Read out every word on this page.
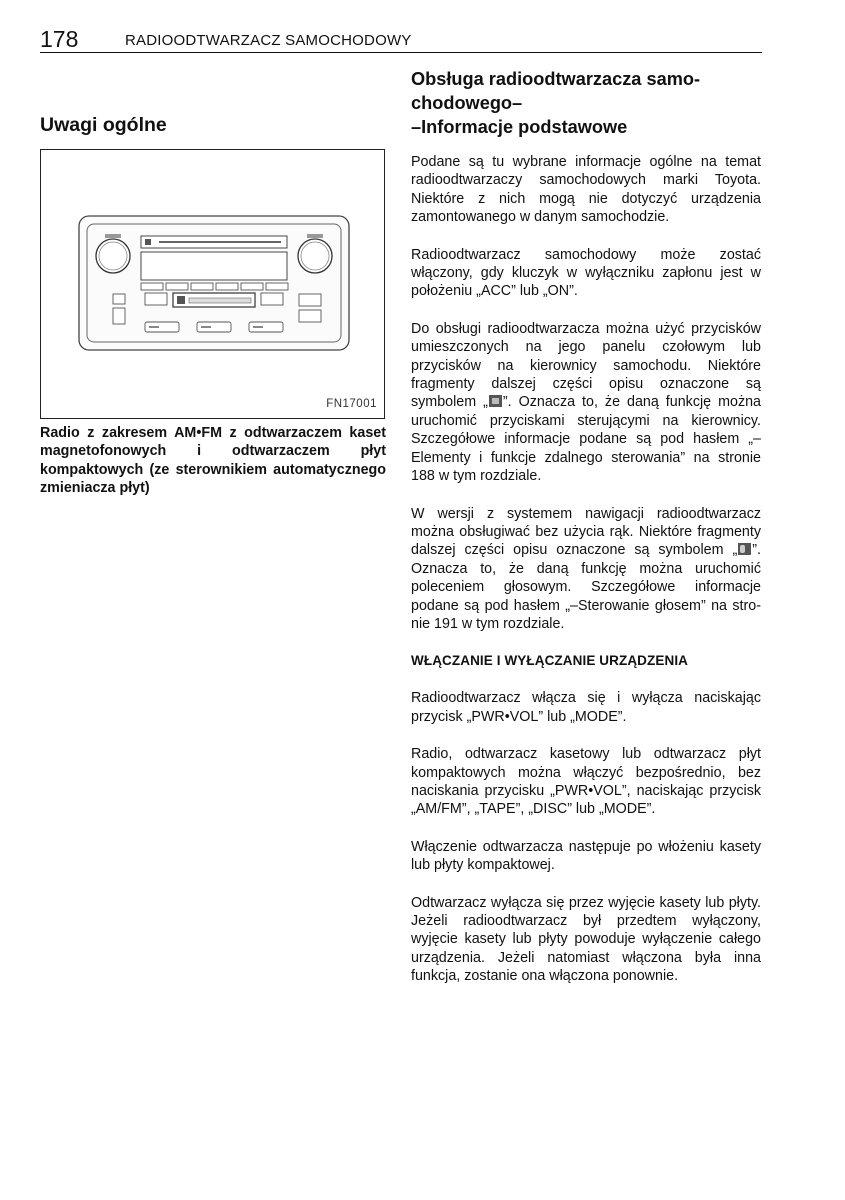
178	RADIOODTWARZACZ SAMOCHODOWY
Uwagi ogólne
FN17001

Radio z zakresem AM•FM z odtwarzaczem kaset magnetofonowych i odtwarzaczem płyt kompaktowych (ze sterownikiem automatycznego zmieniacza płyt)

Obsługa radioodtwarzacza samo-
chodowego–
–Informacje podstawowe

Podane są tu wybrane informacje ogólne na temat radioodtwarzaczy samochodowych marki Toyota. Niektóre z nich mogą nie dotyczyć urządzenia zamontowanego w danym samochodzie.

Radioodtwarzacz samochodowy może zostać włączony, gdy kluczyk w wyłączniku zapłonu jest w położeniu „ACC” lub „ON”.

Do obsługi radioodtwarzacza można użyć przycisków umieszczonych na jego panelu czołowym lub przycisków na kierownicy samochodu. Niektóre fragmenty dalszej części opisu oznaczone są symbolem „ ”. Oznacza to, że daną funkcję można uruchomić przyciskami sterującymi na kierownicy. Szczegółowe informacje podane są pod hasłem „–Elementy i funkcje zdalnego sterowania” na stronie 188 w tym rozdziale.

W wersji z systemem nawigacji radioodtwarzacz można obsługiwać bez użycia rąk. Niektóre fragmenty dalszej części opisu oznaczone są symbolem „ ”. Oznacza to, że daną funkcję można uruchomić poleceniem głosowym. Szczegółowe informacje podane są pod hasłem „–Sterowanie głosem” na stronie 191 w tym rozdziale.

WŁĄCZANIE I WYŁĄCZANIE URZĄDZENIA

Radioodtwarzacz włącza się i wyłącza naciskając przycisk „PWR•VOL” lub „MODE”.

Radio, odtwarzacz kasetowy lub odtwarzacz płyt kompaktowych można włączyć bezpośrednio, bez naciskania przycisku „PWR•VOL”, naciskając przycisk „AM/FM”, „TAPE”, „DISC” lub „MODE”.

Włączenie odtwarzacza następuje po włożeniu kasety lub płyty kompaktowej.

Odtwarzacz wyłącza się przez wyjęcie kasety lub płyty. Jeżeli radioodtwarzacz był przedtem wyłączony, wyjęcie kasety lub płyty powoduje wyłączenie całego urządzenia. Jeżeli natomiast włączona była inna funkcja, zostanie ona włączona ponownie.
